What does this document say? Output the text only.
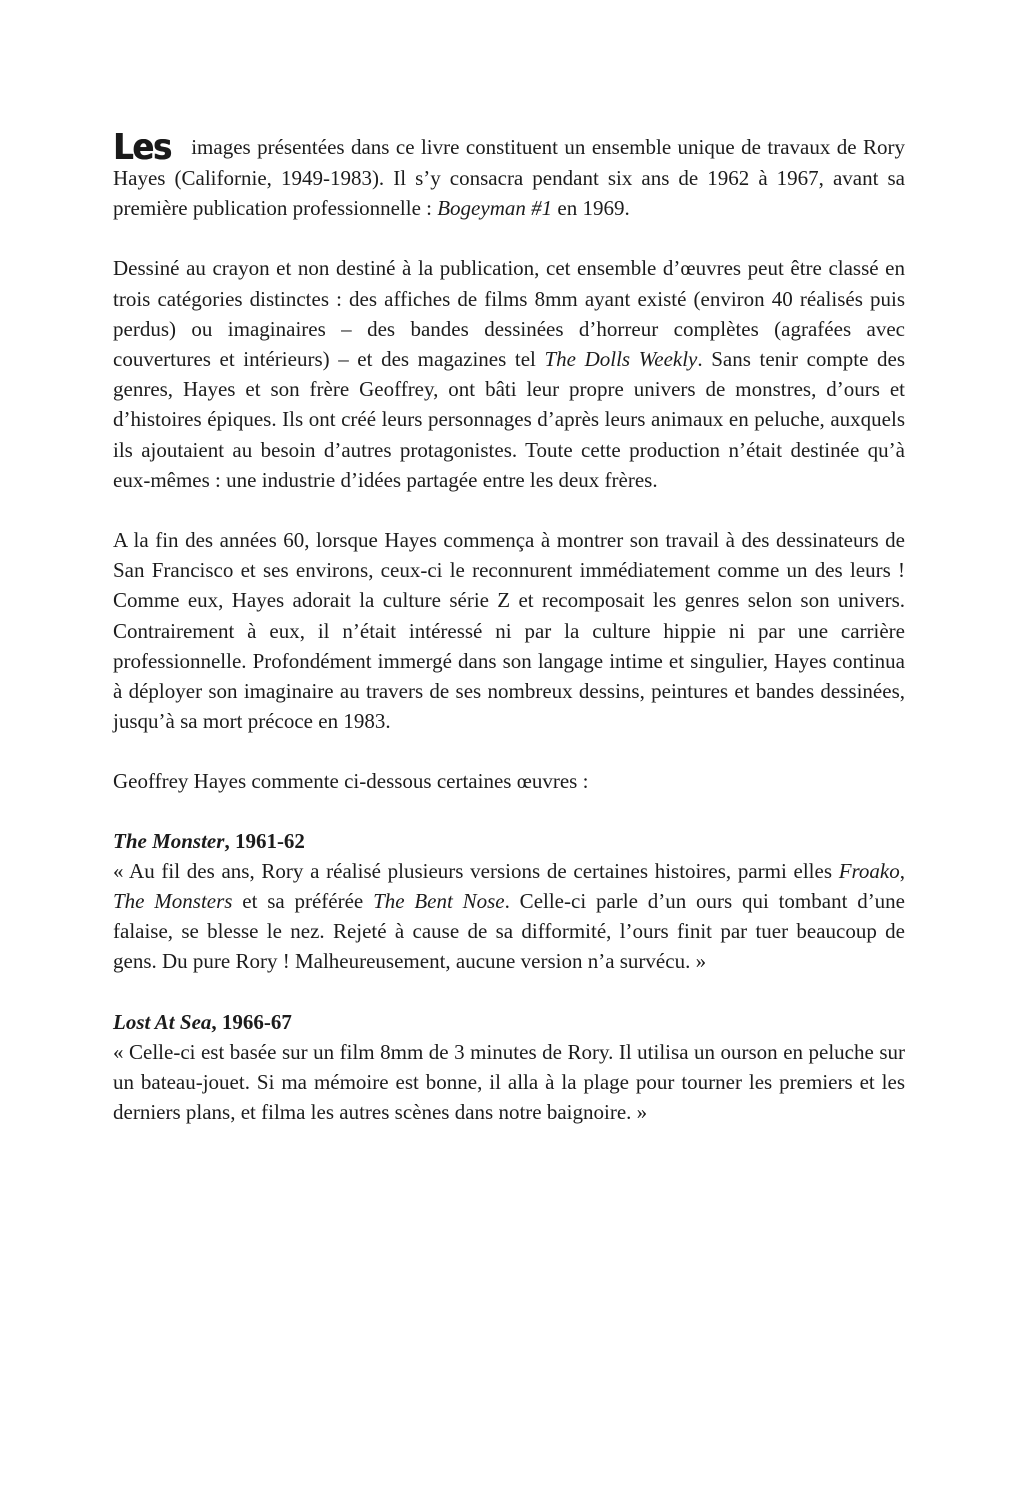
Les images présentées dans ce livre constituent un ensemble unique de travaux de Rory Hayes (Californie, 1949-1983). Il s’y consacra pendant six ans de 1962 à 1967, avant sa première publication professionnelle : Bogeyman #1 en 1969.

Dessiné au crayon et non destiné à la publication, cet ensemble d’œuvres peut être classé en trois catégories distinctes : des affiches de films 8mm ayant existé (environ 40 réalisés puis perdus) ou imaginaires – des bandes dessinées d’horreur complètes (agrafées avec couvertures et intérieurs) – et des magazines tel The Dolls Weekly. Sans tenir compte des genres, Hayes et son frère Geoffrey, ont bâti leur propre univers de monstres, d’ours et d’histoires épiques. Ils ont créé leurs personnages d’après leurs animaux en peluche, auxquels ils ajoutaient au besoin d’autres protagonistes. Toute cette production n’était destinée qu’à eux-mêmes : une industrie d’idées partagée entre les deux frères.

A la fin des années 60, lorsque Hayes commença à montrer son travail à des dessinateurs de San Francisco et ses environs, ceux-ci le reconnurent immédiatement comme un des leurs ! Comme eux, Hayes adorait la culture série Z et recomposait les genres selon son univers. Contrairement à eux, il n’était intéressé ni par la culture hippie ni par une carrière professionnelle. Profondément immergé dans son langage intime et singulier, Hayes continua à déployer son imaginaire au travers de ses nombreux dessins, peintures et bandes dessinées, jusqu’à sa mort précoce en 1983.

Geoffrey Hayes commente ci-dessous certaines œuvres :

The Monster, 1961-62
« Au fil des ans, Rory a réalisé plusieurs versions de certaines histoires, parmi elles Froako, The Monsters et sa préférée The Bent Nose. Celle-ci parle d’un ours qui tombant d’une falaise, se blesse le nez. Rejeté à cause de sa difformité, l’ours finit par tuer beaucoup de gens. Du pure Rory ! Malheureusement, aucune version n’a survécu. »
Lost At Sea, 1966-67
« Celle-ci est basée sur un film 8mm de 3 minutes de Rory. Il utilisa un ourson en peluche sur un bateau-jouet. Si ma mémoire est bonne, il alla à la plage pour tourner les premiers et les derniers plans, et filma les autres scènes dans notre baignoire. »
